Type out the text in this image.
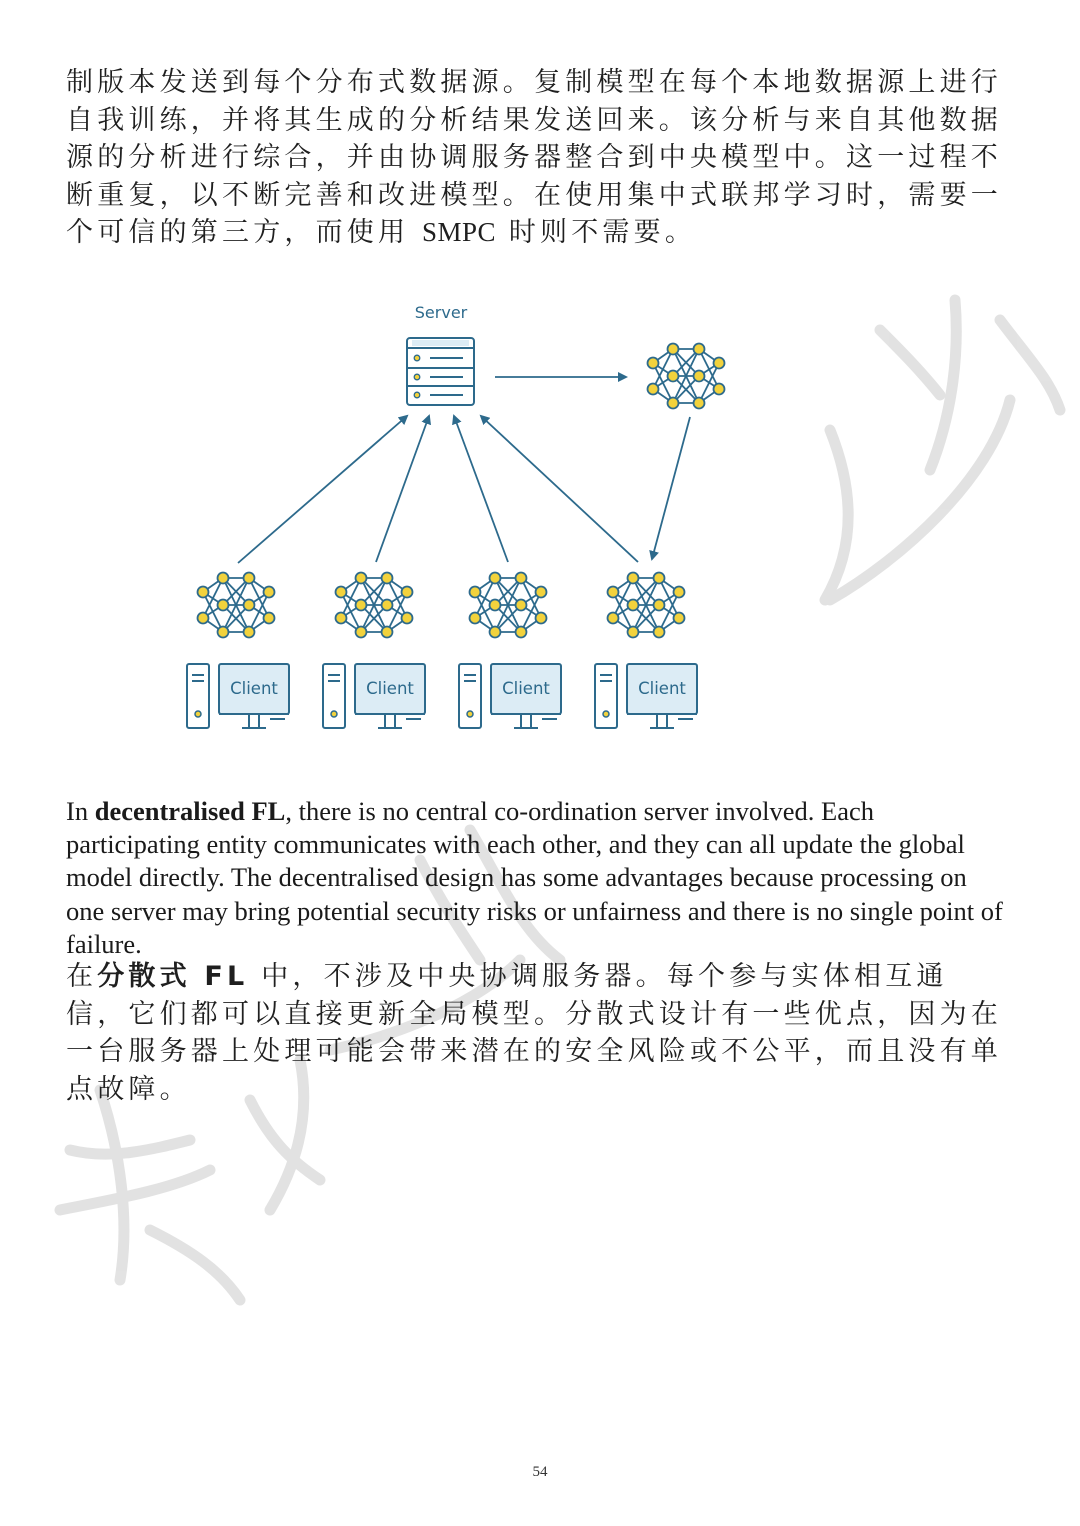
制版本发送到每个分布式数据源。复制模型在每个本地数据源上进行自我训练，并将其生成的分析结果发送回来。该分析与来自其他数据源的分析进行综合，并由协调服务器整合到中央模型中。这一过程不断重复，以不断完善和改进模型。在使用集中式联邦学习时，需要一个可信的第三方，而使用 SMPC 时则不需要。

Server
Client	Client	Client	Client

In decentralised FL, there is no central co-ordination server involved. Each participating entity communicates with each other, and they can all update the global model directly. The decentralised design has some advantages because processing on one server may bring potential security risks or unfairness and there is no single point of failure.

在分散式 FL 中，不涉及中央协调服务器。每个参与实体相互通信，它们都可以直接更新全局模型。分散式设计有一些优点，因为在一台服务器上处理可能会带来潜在的安全风险或不公平，而且没有单点故障。

54
